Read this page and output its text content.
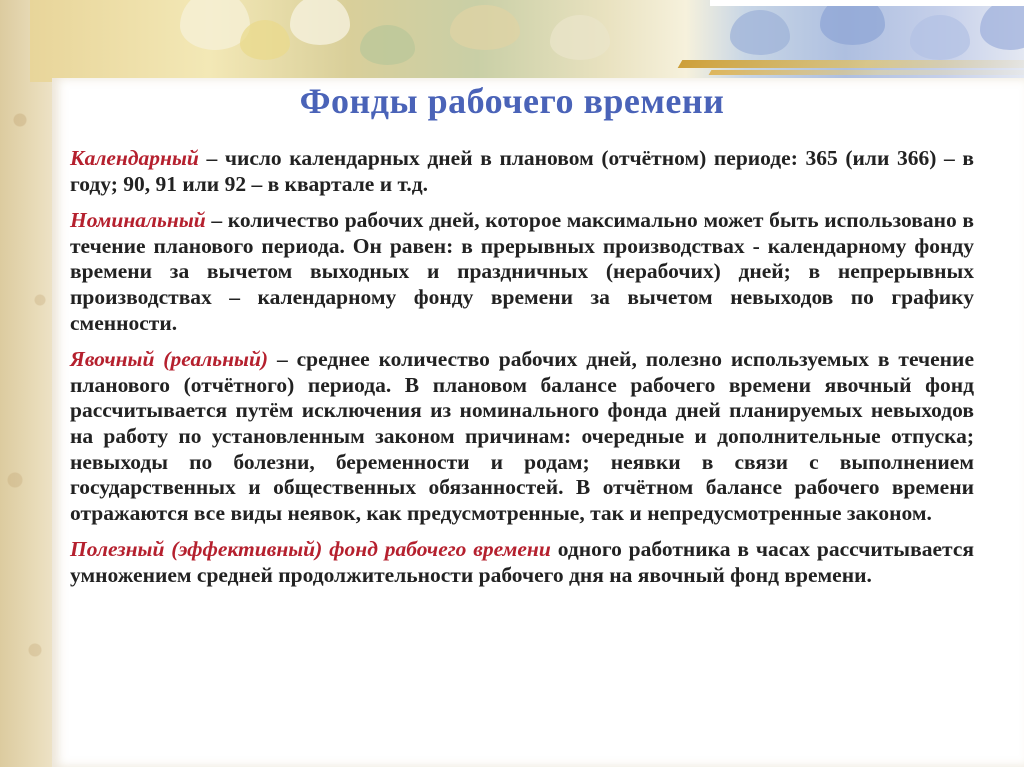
Фонды рабочего времени

Календарный – число календарных дней в плановом (отчётном) периоде: 365 (или 366) – в году; 90, 91 или 92 – в квартале и т.д.

Номинальный – количество рабочих дней, которое максимально может быть использовано в течение планового периода. Он равен: в прерывных производствах - календарному фонду времени за вычетом выходных и праздничных (нерабочих) дней; в непрерывных производствах – календарному фонду времени за вычетом невыходов по графику сменности.

Явочный (реальный) – среднее количество рабочих дней, полезно используемых в течение планового (отчётного) периода. В плановом балансе рабочего времени явочный фонд рассчитывается путём исключения из номинального фонда дней планируемых невыходов на работу по установленным законом причинам: очередные и дополнительные отпуска; невыходы по болезни, беременности и родам; неявки в связи с выполнением государственных и общественных обязанностей. В отчётном балансе рабочего времени отражаются все виды неявок, как предусмотренные, так и непредусмотренные законом.

Полезный (эффективный) фонд рабочего времени одного работника в часах рассчитывается умножением средней продолжительности рабочего дня на явочный фонд времени.
